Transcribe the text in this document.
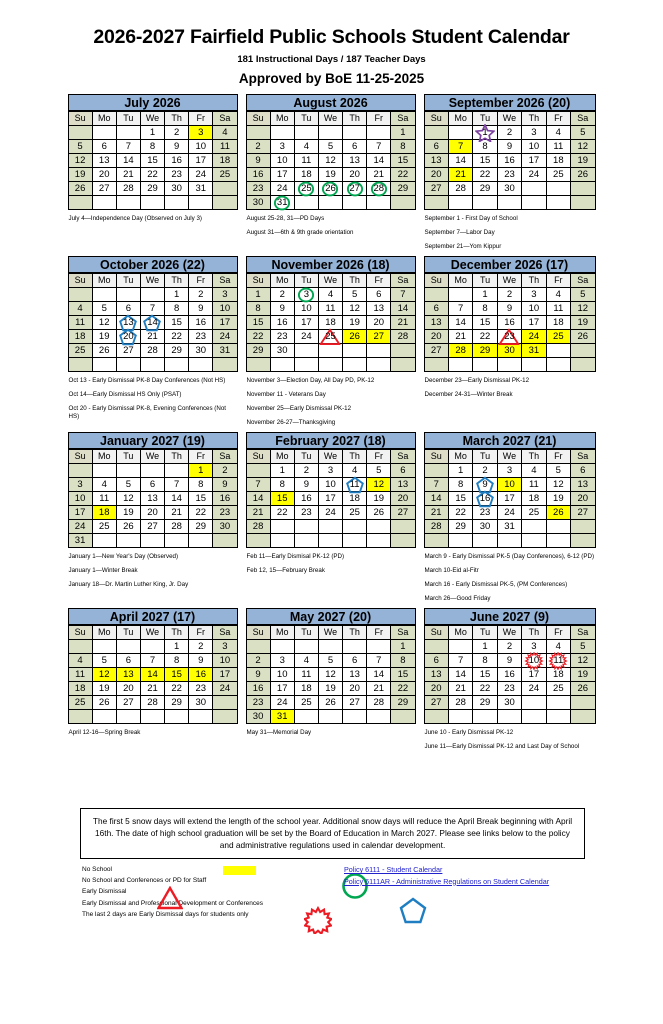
2026-2027 Fairfield Public Schools Student Calendar
181 Instructional Days / 187 Teacher Days
Approved by BoE 11-25-2025
July 2026
Su	Mo	Tu	We	Th	Fr	Sa
			1	2	3	4
5	6	7	8	9	10	11
12	13	14	15	16	17	18
19	20	21	22	23	24	25
26	27	28	29	30	31	

July 4—Independence Day (Observed on July 3)

August 2026
Su	Mo	Tu	We	Th	Fr	Sa
						1
2	3	4	5	6	7	8
9	10	11	12	13	14	15
16	17	18	19	20	21	22
23	24	25	26	27	28	29
30	31

August 25-28, 31—PD Days

August 31—6th & 9th grade orientation

September 2026 (20)
Su	Mo	Tu	We	Th	Fr	Sa
		1	2	3	4	5
6	7	8	9	10	11	12
13	14	15	16	17	18	19
20	21	22	23	24	25	26
27	28	29	30			

September 1 - First Day of School

September 7—Labor Day

September 21—Yom Kippur

October 2026 (22)
Su	Mo	Tu	We	Th	Fr	Sa
				1	2	3
4	5	6	7	8	9	10
11	12	13	14	15	16	17
18	19	20	21	22	23	24
25	26	27	28	29	30	31

Oct 13 - Early Dismissal PK-8 Day Conferences (Not HS)

Oct 14—Early Dismissal HS Only (PSAT)

Oct 20 - Early Dismissal PK-8, Evening Conferences (Not HS)

November 2026 (18)
Su	Mo	Tu	We	Th	Fr	Sa
1	2	3	4	5	6	7
8	9	10	11	12	13	14
15	16	17	18	19	20	21
22	23	24	25	26	27	28
29	30					

November 3—Election Day, All Day PD, PK-12

November 11 - Veterans Day

November 25—Early Dismissal PK-12

November 26-27—Thanksgiving

December 2026 (17)
Su	Mo	Tu	We	Th	Fr	Sa
		1	2	3	4	5
6	7	8	9	10	11	12
13	14	15	16	17	18	19
20	21	22	23	24	25	26
27	28	29	30	31		

December 23—Early Dismissal PK-12

December 24-31—Winter Break

January 2027 (19)
Su	Mo	Tu	We	Th	Fr	Sa
					1	2
3	4	5	6	7	8	9
10	11	12	13	14	15	16
17	18	19	20	21	22	23
24	25	26	27	28	29	30
31						

January 1—New Year's Day (Observed)

January 1—Winter Break

January 18—Dr. Martin Luther King, Jr. Day

February 2027 (18)
Su	Mo	Tu	We	Th	Fr	Sa
	1	2	3	4	5	6
7	8	9	10	11	12	13
14	15	16	17	18	19	20
21	22	23	24	25	26	27
28						

Feb 11—Early Dismisal PK-12 (PD)

Feb 12, 15—February Break

March 2027 (21)
Su	Mo	Tu	We	Th	Fr	Sa
	1	2	3	4	5	6
7	8	9	10	11	12	13
14	15	16	17	18	19	20
21	22	23	24	25	26	27
28	29	30	31			

March 9 - Early Dismissal PK-5 (Day Conferences), 6-12 (PD)

March 10-Eid al-Fitr

March 16 - Early Dismissal PK-5, (PM Conferences)

March 26—Good Friday

April 2027 (17)
Su	Mo	Tu	We	Th	Fr	Sa
				1	2	3
4	5	6	7	8	9	10
11	12	13	14	15	16	17
18	19	20	21	22	23	24
25	26	27	28	29	30	

April 12-16—Spring Break

May 2027 (20)
Su	Mo	Tu	We	Th	Fr	Sa
						1
2	3	4	5	6	7	8
9	10	11	12	13	14	15
16	17	18	19	20	21	22
23	24	25	26	27	28	29
30	31					

May 31—Memorial Day

June 2027 (9)
Su	Mo	Tu	We	Th	Fr	Sa
		1	2	3	4	5
6	7	8	9	10	11	12
13	14	15	16	17	18	19
20	21	22	23	24	25	26
27	28	29	30			

June 10 - Early Dismissal PK-12

June 11—Early Dismissal PK-12 and Last Day of School

The first 5 snow days will extend the length of the school year. Additional snow days will reduce the April Break beginning with April 16th. The date of high school graduation will be set by the Board of Education in March 2027. Please see links below to the policy and administrative regulations used in calendar development.
No School
No School and Conferences or PD for Staff
Early Dismissal
Early Dismissal and Professional Development or Conferences
The last 2 days are Early Dismissal days for students only
Policy 6111 - Student Calendar
Policy 6111AR - Administrative Regulations on Student Calendar
